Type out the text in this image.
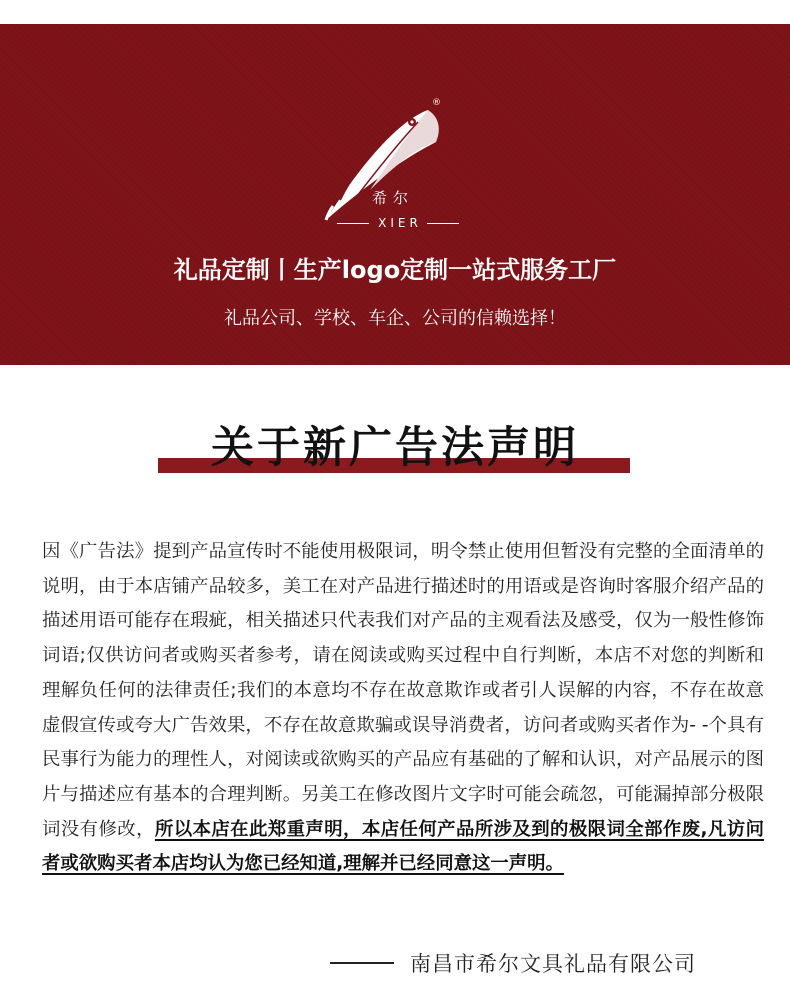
®
希尔
XIER
礼品定制丨生产logo定制一站式服务工厂
礼品公司、学校、车企、公司的信赖选择！
关于新广告法声明
因《广告法》提到产品宣传时不能使用极限词，明令禁止使用但暂没有完整的全面清单的说明，由于本店铺产品较多，美工在对产品进行描述时的用语或是咨询时客服介绍产品的描述用语可能存在瑕疵，相关描述只代表我们对产品的主观看法及感受，仅为一般性修饰词语;仅供访问者或购买者参考，请在阅读或购买过程中自行判断，本店不对您的判断和理解负任何的法律责任;我们的本意均不存在故意欺诈或者引人误解的内容，不存在故意虚假宣传或夸大广告效果，不存在故意欺骗或误导消费者，访问者或购买者作为- -个具有民事行为能力的理性人，对阅读或欲购买的产品应有基础的了解和认识，对产品展示的图片与描述应有基本的合理判断。另美工在修改图片文字时可能会疏忽，可能漏掉部分极限词没有修改，所以本店在此郑重声明，本店任何产品所涉及到的极限词全部作废,凡访问者或欲购买者本店均认为您已经知道,理解并已经同意这一声明。
南昌市希尔文具礼品有限公司
